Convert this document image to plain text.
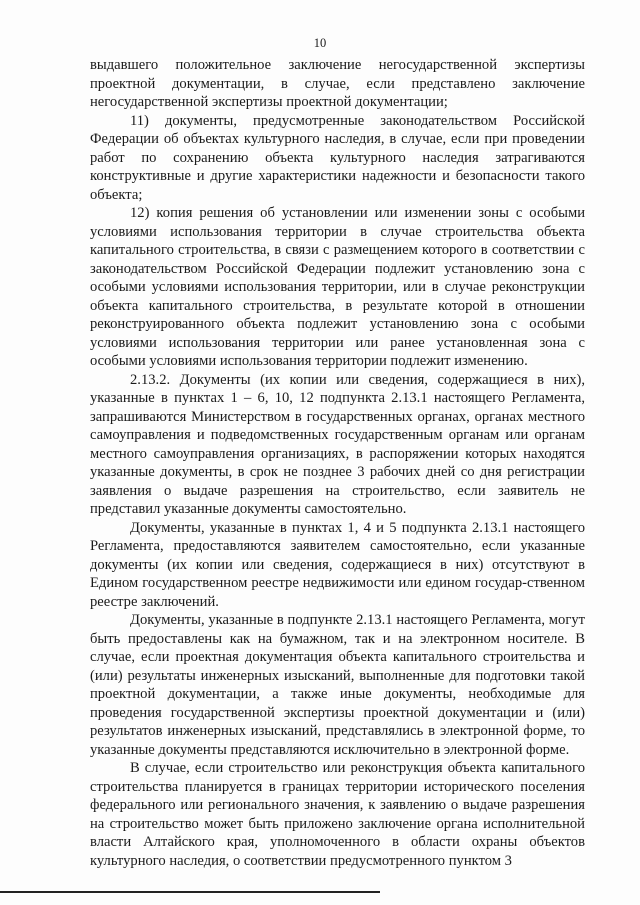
10

выдавшего положительное заключение негосударственной экспертизы проектной документации, в случае, если представлено заключение негосударственной экспертизы проектной документации;

11) документы, предусмотренные законодательством Российской Федерации об объектах культурного наследия, в случае, если при проведении работ по сохранению объекта культурного наследия затрагиваются конструктивные и другие характеристики надежности и безопасности такого объекта;

12) копия решения об установлении или изменении зоны с особыми условиями использования территории в случае строительства объекта капитального строительства, в связи с размещением которого в соответствии с законодательством Российской Федерации подлежит установлению зона с особыми условиями использования территории, или в случае реконструкции объекта капитального строительства, в результате которой в отношении реконструированного объекта подлежит установлению зона с особыми условиями использования территории или ранее установленная зона с особыми условиями использования территории подлежит изменению.

2.13.2. Документы (их копии или сведения, содержащиеся в них), указанные в пунктах 1 – 6, 10, 12 подпункта 2.13.1 настоящего Регламента, запрашиваются Министерством в государственных органах, органах местного самоуправления и подведомственных государственным органам или органам местного самоуправления организациях, в распоряжении которых находятся указанные документы, в срок не позднее 3 рабочих дней со дня регистрации заявления о выдаче разрешения на строительство, если заявитель не представил указанные документы самостоятельно.

Документы, указанные в пунктах 1, 4 и 5 подпункта 2.13.1 настоящего Регламента, предоставляются заявителем самостоятельно, если указанные документы (их копии или сведения, содержащиеся в них) отсутствуют в Едином государственном реестре недвижимости или едином государ-ственном реестре заключений.

Документы, указанные в подпункте 2.13.1 настоящего Регламента, могут быть предоставлены как на бумажном, так и на электронном носителе. В случае, если проектная документация объекта капитального строительства и (или) результаты инженерных изысканий, выполненные для подготовки такой проектной документации, а также иные документы, необходимые для проведения государственной экспертизы проектной документации и (или) результатов инженерных изысканий, представлялись в электронной форме, то указанные документы представляются исключительно в электронной форме.

В случае, если строительство или реконструкция объекта капитального строительства планируется в границах территории исторического поселения федерального или регионального значения, к заявлению о выдаче разрешения на строительство может быть приложено заключение органа исполнительной власти Алтайского края, уполномоченного в области охраны объектов культурного наследия, о соответствии предусмотренного пунктом 3
